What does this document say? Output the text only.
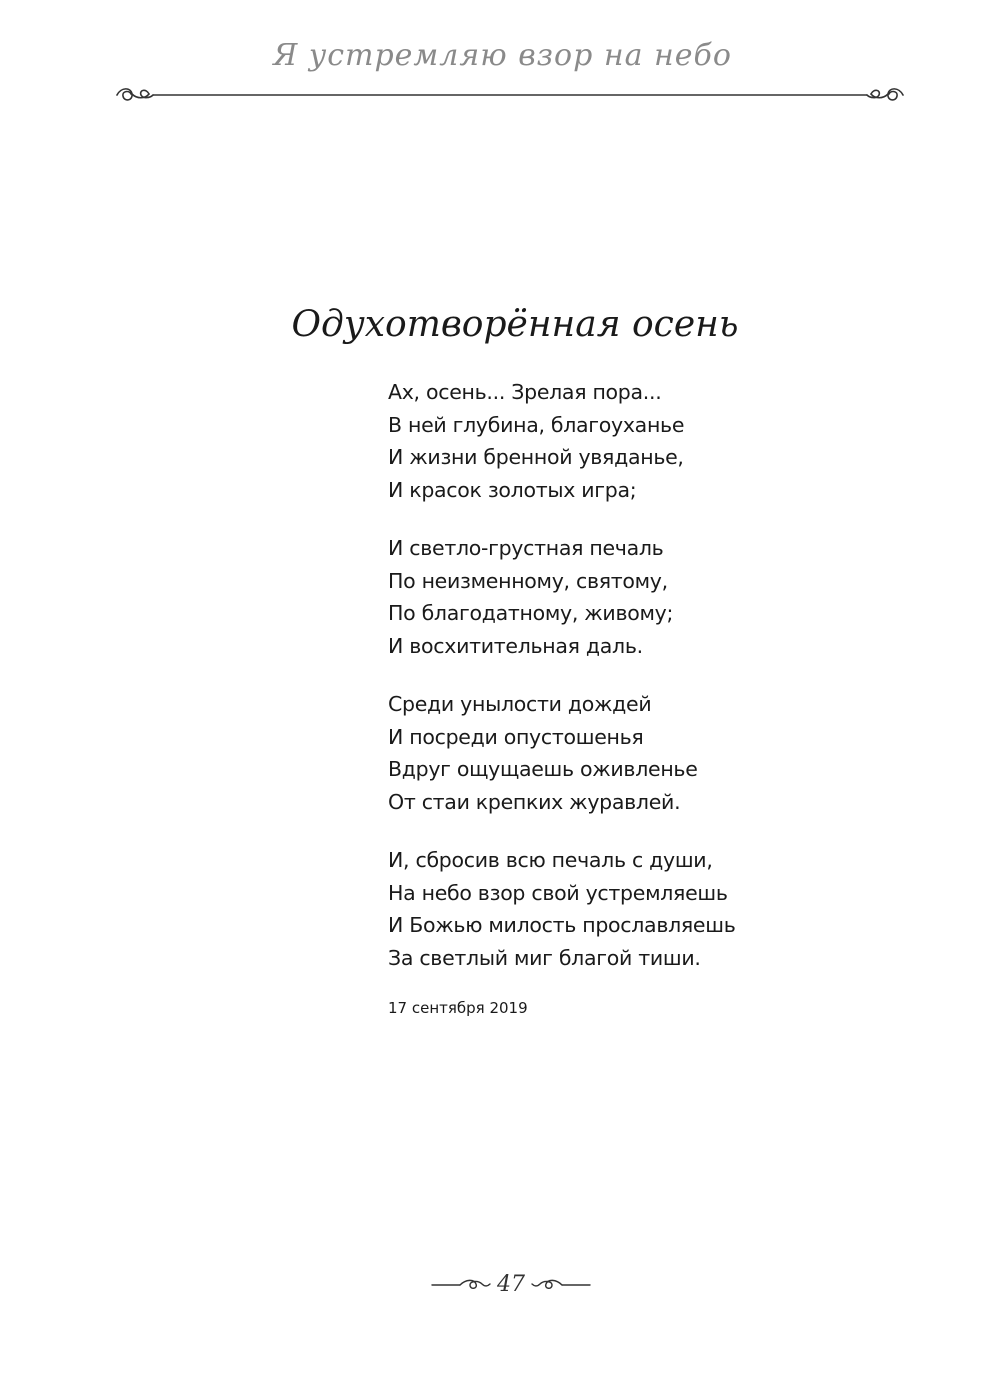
Я устремляю взор на небо
Одухотворённая осень
Ах, осень... Зрелая пора...
В ней глубина, благоуханье
И жизни бренной увяданье,
И красок золотых игра;
И светло-грустная печаль
По неизменному, святому,
По благодатному, живому;
И восхитительная даль.
Среди унылости дождей
И посреди опустошенья
Вдруг ощущаешь оживленье
От стаи крепких журавлей.
И, сбросив всю печаль с души,
На небо взор свой устремляешь
И Божью милость прославляешь
За светлый миг благой тиши.
17 сентября 2019
47
